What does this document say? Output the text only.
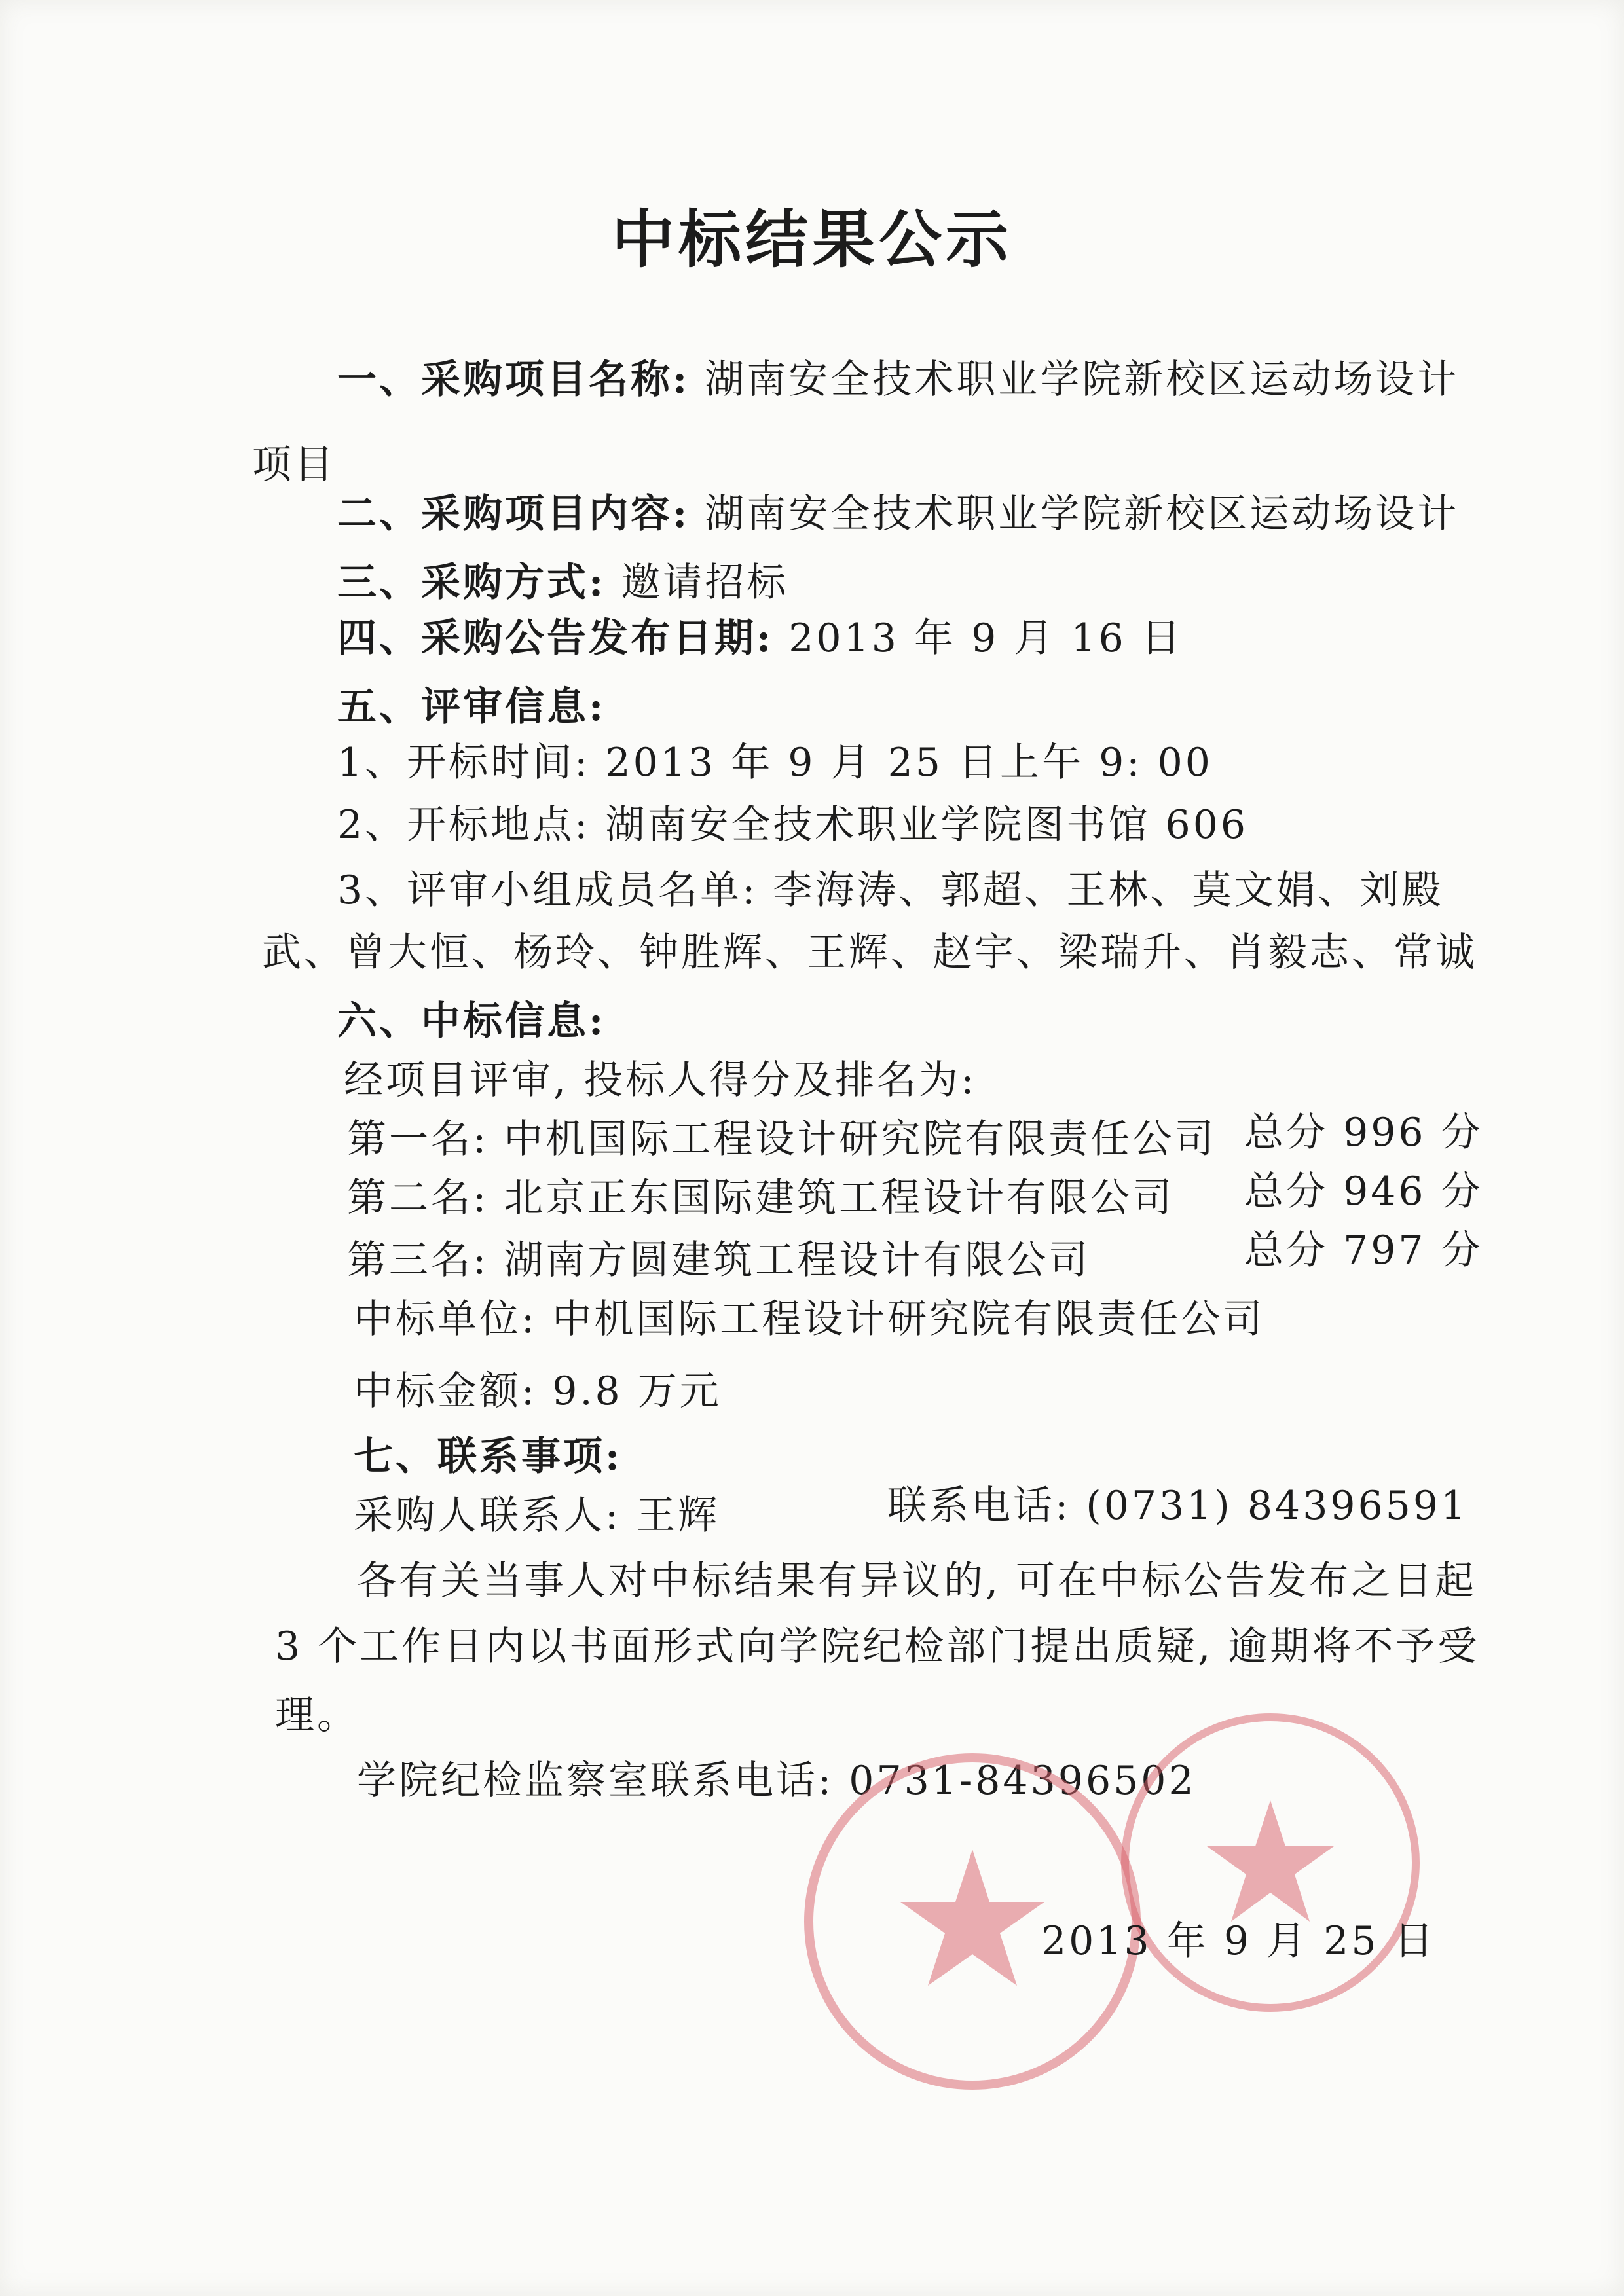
中标结果公示
一、采购项目名称: 湖南安全技术职业学院新校区运动场设计
项目
二、采购项目内容: 湖南安全技术职业学院新校区运动场设计
三、采购方式: 邀请招标
四、采购公告发布日期: 2013 年 9 月 16 日
五、评审信息:
1、开标时间: 2013 年 9 月 25 日上午 9: 00
2、开标地点: 湖南安全技术职业学院图书馆 606
3、评审小组成员名单: 李海涛、郭超、王林、莫文娟、刘殿
武、曾大恒、杨玲、钟胜辉、王辉、赵宇、梁瑞升、肖毅志、常诚
六、中标信息:
经项目评审, 投标人得分及排名为:
第一名: 中机国际工程设计研究院有限责任公司 总分 996 分
第二名: 北京正东国际建筑工程设计有限公司 总分 946 分
第三名: 湖南方圆建筑工程设计有限公司	总分 797 分
中标单位: 中机国际工程设计研究院有限责任公司
中标金额: 9.8 万元
七、联系事项:
采购人联系人: 王辉	联系电话: (0731) 84396591
各有关当事人对中标结果有异议的, 可在中标公告发布之日起
3 个工作日内以书面形式向学院纪检部门提出质疑, 逾期将不予受
理。
学院纪检监察室联系电话: 0731-84396502
2013 年 9 月 25 日
